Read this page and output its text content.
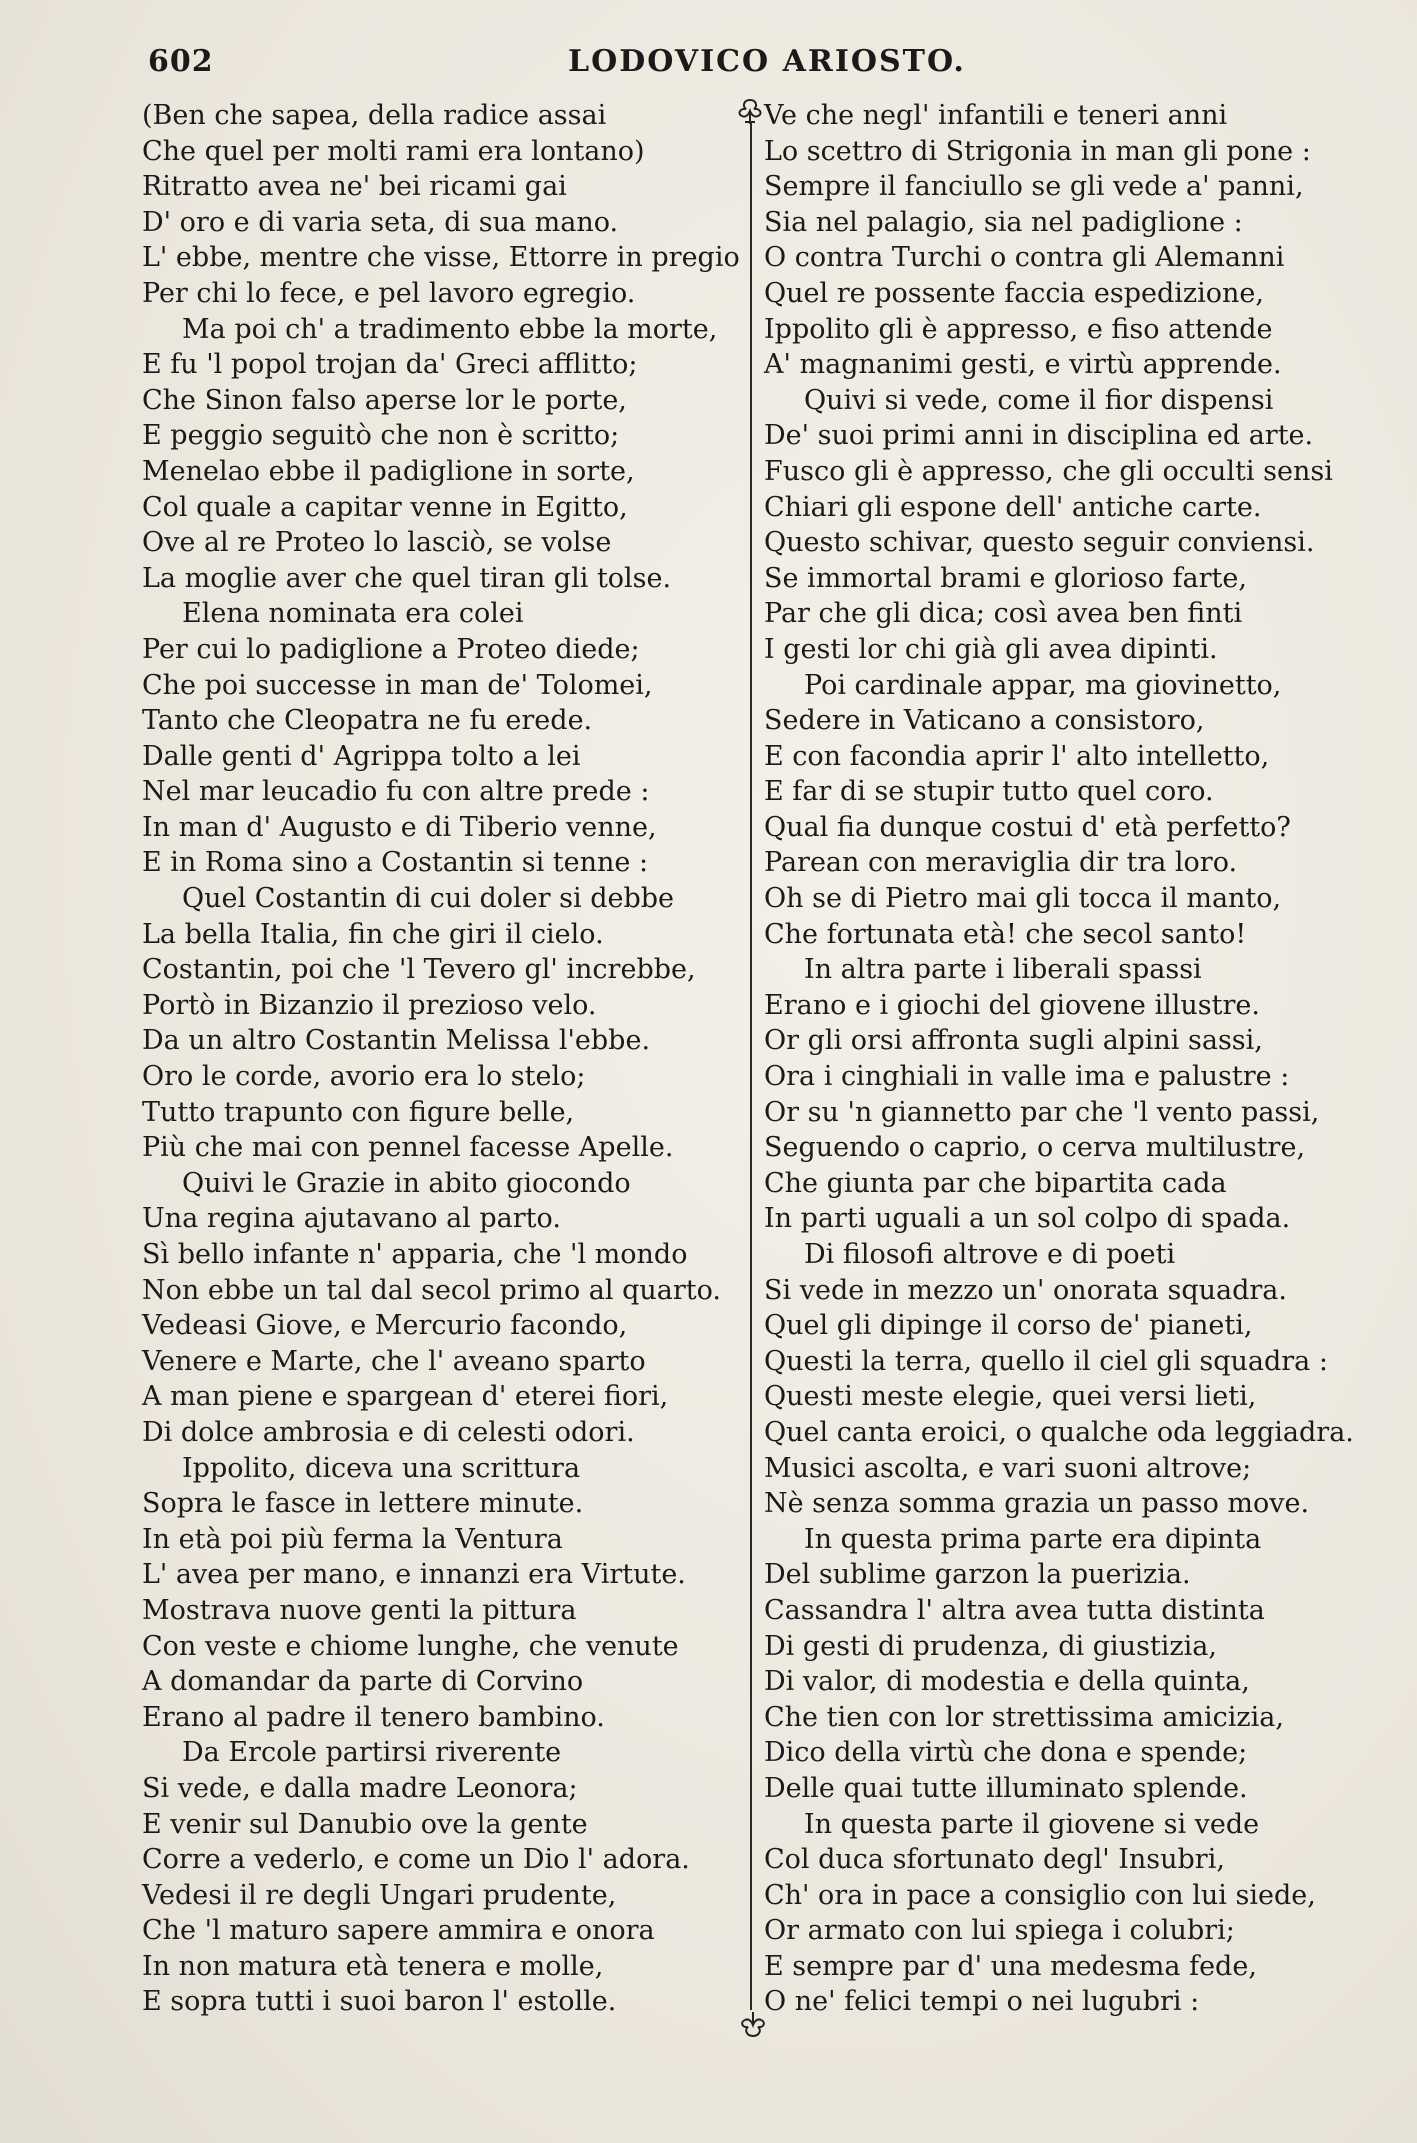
602	LODOVICO ARIOSTO.
(Ben che sapea, della radice assai
Che quel per molti rami era lontano)
Ritratto avea ne' bei ricami gai
D' oro e di varia seta, di sua mano.
L' ebbe, mentre che visse, Ettorre in pregio
Per chi lo fece, e pel lavoro egregio.
Ma poi ch' a tradimento ebbe la morte,
E fu 'l popol trojan da' Greci afflitto;
Che Sinon falso aperse lor le porte,
E peggio seguitò che non è scritto;
Menelao ebbe il padiglione in sorte,
Col quale a capitar venne in Egitto,
Ove al re Proteo lo lasciò, se volse
La moglie aver che quel tiran gli tolse.
Elena nominata era colei
Per cui lo padiglione a Proteo diede;
Che poi successe in man de' Tolomei,
Tanto che Cleopatra ne fu erede.
Dalle genti d' Agrippa tolto a lei
Nel mar leucadio fu con altre prede :
In man d' Augusto e di Tiberio venne,
E in Roma sino a Costantin si tenne :
Quel Costantin di cui doler si debbe
La bella Italia, fin che giri il cielo.
Costantin, poi che 'l Tevero gl' increbbe,
Portò in Bizanzio il prezioso velo.
Da un altro Costantin Melissa l'ebbe.
Oro le corde, avorio era lo stelo;
Tutto trapunto con figure belle,
Più che mai con pennel facesse Apelle.
Quivi le Grazie in abito giocondo
Una regina ajutavano al parto.
Sì bello infante n' apparia, che 'l mondo
Non ebbe un tal dal secol primo al quarto.
Vedeasi Giove, e Mercurio facondo,
Venere e Marte, che l' aveano sparto
A man piene e spargean d' eterei fiori,
Di dolce ambrosia e di celesti odori.
Ippolito, diceva una scrittura
Sopra le fasce in lettere minute.
In età poi più ferma la Ventura
L' avea per mano, e innanzi era Virtute.
Mostrava nuove genti la pittura
Con veste e chiome lunghe, che venute
A domandar da parte di Corvino
Erano al padre il tenero bambino.
Da Ercole partirsi riverente
Si vede, e dalla madre Leonora;
E venir sul Danubio ove la gente
Corre a vederlo, e come un Dio l' adora.
Vedesi il re degli Ungari prudente,
Che 'l maturo sapere ammira e onora
In non matura età tenera e molle,
E sopra tutti i suoi baron l' estolle.
Ve che negl' infantili e teneri anni
Lo scettro di Strigonia in man gli pone :
Sempre il fanciullo se gli vede a' panni,
Sia nel palagio, sia nel padiglione :
O contra Turchi o contra gli Alemanni
Quel re possente faccia espedizione,
Ippolito gli è appresso, e fiso attende
A' magnanimi gesti, e virtù apprende.
Quivi si vede, come il fior dispensi
De' suoi primi anni in disciplina ed arte.
Fusco gli è appresso, che gli occulti sensi
Chiari gli espone dell' antiche carte.
Questo schivar, questo seguir conviensi.
Se immortal brami e glorioso farte,
Par che gli dica; così avea ben finti
I gesti lor chi già gli avea dipinti.
Poi cardinale appar, ma giovinetto,
Sedere in Vaticano a consistoro,
E con facondia aprir l' alto intelletto,
E far di se stupir tutto quel coro.
Qual fia dunque costui d' età perfetto?
Parean con meraviglia dir tra loro.
Oh se di Pietro mai gli tocca il manto,
Che fortunata età! che secol santo!
In altra parte i liberali spassi
Erano e i giochi del giovene illustre.
Or gli orsi affronta sugli alpini sassi,
Ora i cinghiali in valle ima e palustre :
Or su 'n giannetto par che 'l vento passi,
Seguendo o caprio, o cerva multilustre,
Che giunta par che bipartita cada
In parti uguali a un sol colpo di spada.
Di filosofi altrove e di poeti
Si vede in mezzo un' onorata squadra.
Quel gli dipinge il corso de' pianeti,
Questi la terra, quello il ciel gli squadra :
Questi meste elegie, quei versi lieti,
Quel canta eroici, o qualche oda leggiadra.
Musici ascolta, e vari suoni altrove;
Nè senza somma grazia un passo move.
In questa prima parte era dipinta
Del sublime garzon la puerizia.
Cassandra l' altra avea tutta distinta
Di gesti di prudenza, di giustizia,
Di valor, di modestia e della quinta,
Che tien con lor strettissima amicizia,
Dico della virtù che dona e spende;
Delle quai tutte illuminato splende.
In questa parte il giovene si vede
Col duca sfortunato degl' Insubri,
Ch' ora in pace a consiglio con lui siede,
Or armato con lui spiega i colubri;
E sempre par d' una medesma fede,
O ne' felici tempi o nei lugubri :
